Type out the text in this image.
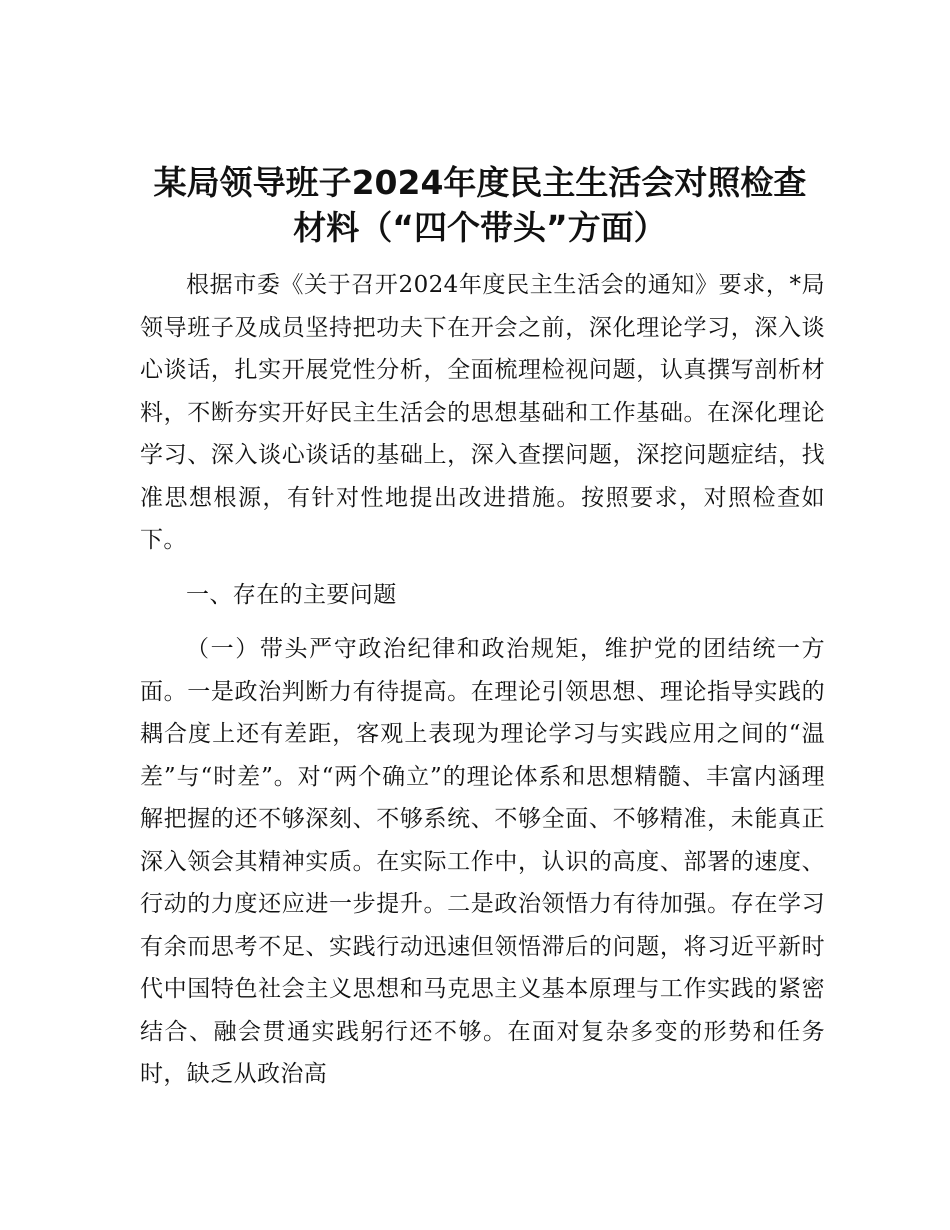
某局领导班子2024年度民主生活会对照检查材料（“四个带头”方面）

根据市委《关于召开2024年度民主生活会的通知》要求，*局领导班子及成员坚持把功夫下在开会之前，深化理论学习，深入谈心谈话，扎实开展党性分析，全面梳理检视问题，认真撰写剖析材料，不断夯实开好民主生活会的思想基础和工作基础。在深化理论学习、深入谈心谈话的基础上，深入查摆问题，深挖问题症结，找准思想根源，有针对性地提出改进措施。按照要求，对照检查如下。

一、存在的主要问题

（一）带头严守政治纪律和政治规矩，维护党的团结统一方面。一是政治判断力有待提高。在理论引领思想、理论指导实践的耦合度上还有差距，客观上表现为理论学习与实践应用之间的“温差”与“时差”。对“两个确立”的理论体系和思想精髓、丰富内涵理解把握的还不够深刻、不够系统、不够全面、不够精准，未能真正深入领会其精神实质。在实际工作中，认识的高度、部署的速度、行动的力度还应进一步提升。二是政治领悟力有待加强。存在学习有余而思考不足、实践行动迅速但领悟滞后的问题，将习近平新时代中国特色社会主义思想和马克思主义基本原理与工作实践的紧密结合、融会贯通实践躬行还不够。在面对复杂多变的形势和任务时，缺乏从政治高
